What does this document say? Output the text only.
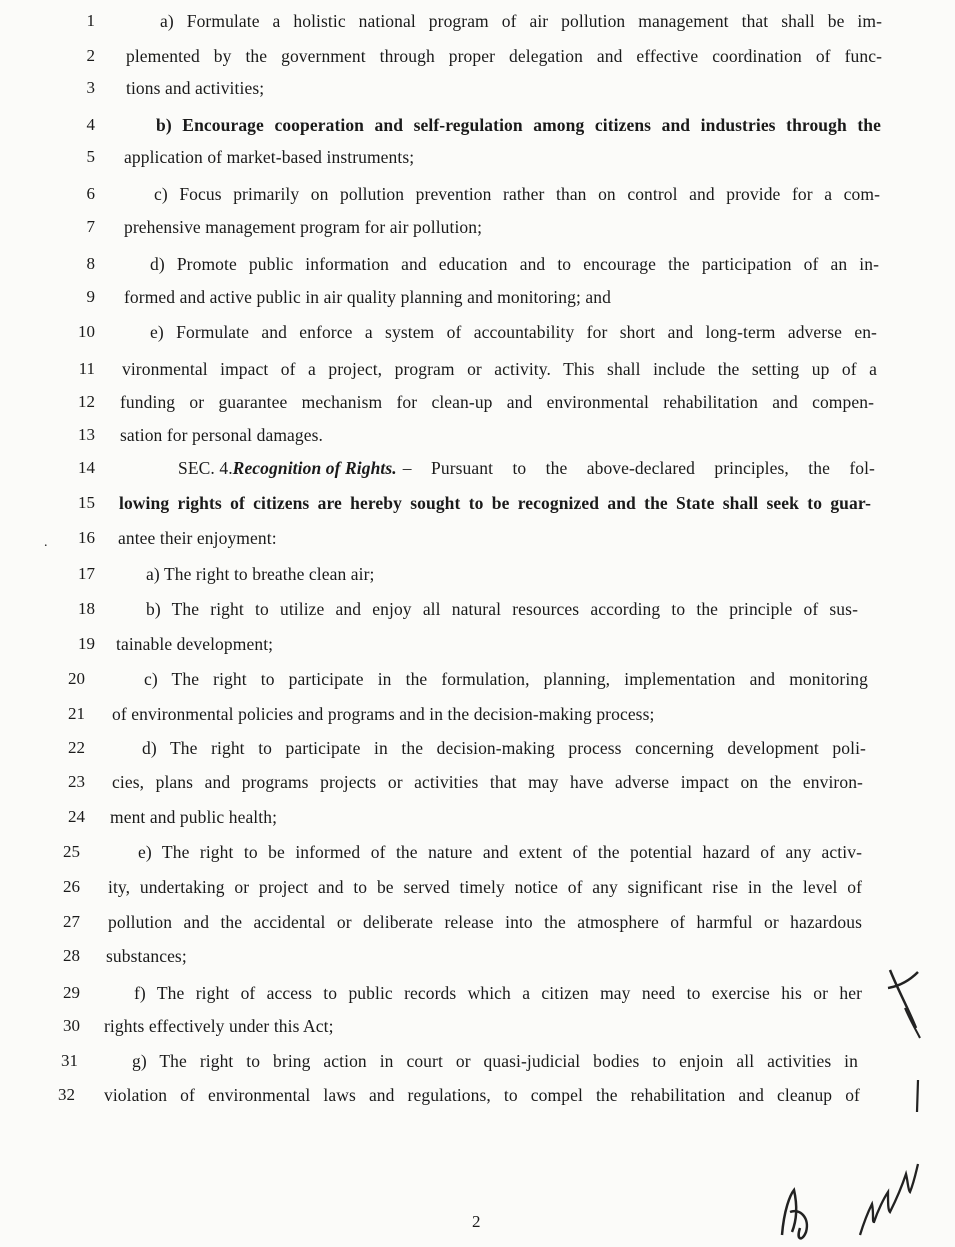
1	a) Formulate a holistic national program of air pollution management that shall be im-
2 plemented by the government through proper delegation and effective coordination of func-
3 tions and activities;
4	b) Encourage cooperation and self-regulation among citizens and industries through the
5 application of market-based instruments;
6	c) Focus primarily on pollution prevention rather than on control and provide for a com-
7 prehensive management program for air pollution;
8	d) Promote public information and education and to encourage the participation of an in-
9 formed and active public in air quality planning and monitoring; and
10	e) Formulate and enforce a system of accountability for short and long-term adverse en-
11 vironmental impact of a project, program or activity. This shall include the setting up of a
12 funding or guarantee mechanism for clean-up and environmental rehabilitation and compen-
13 sation for personal damages.
14	SEC. 4. Recognition of Rights. – Pursuant to the above-declared principles, the fol-
15 lowing rights of citizens are hereby sought to be recognized and the State shall seek to guar-
.	16 antee their enjoyment:
17	a) The right to breathe clean air;
18	b) The right to utilize and enjoy all natural resources according to the principle of sus-
19 tainable development;
20	c) The right to participate in the formulation, planning, implementation and monitoring
21 of environmental policies and programs and in the decision-making process;
22	d) The right to participate in the decision-making process concerning development poli-
23 cies, plans and programs projects or activities that may have adverse impact on the environ-
24 ment and public health;
25	e) The right to be informed of the nature and extent of the potential hazard of any activ-
26 ity, undertaking or project and to be served timely notice of any significant rise in the level of
27 pollution and the accidental or deliberate release into the atmosphere of harmful or hazardous
28 substances;
29	f) The right of access to public records which a citizen may need to exercise his or her
30 rights effectively under this Act;
31	g) The right to bring action in court or quasi-judicial bodies to enjoin all activities in
32 violation of environmental laws and regulations, to compel the rehabilitation and cleanup of
2
